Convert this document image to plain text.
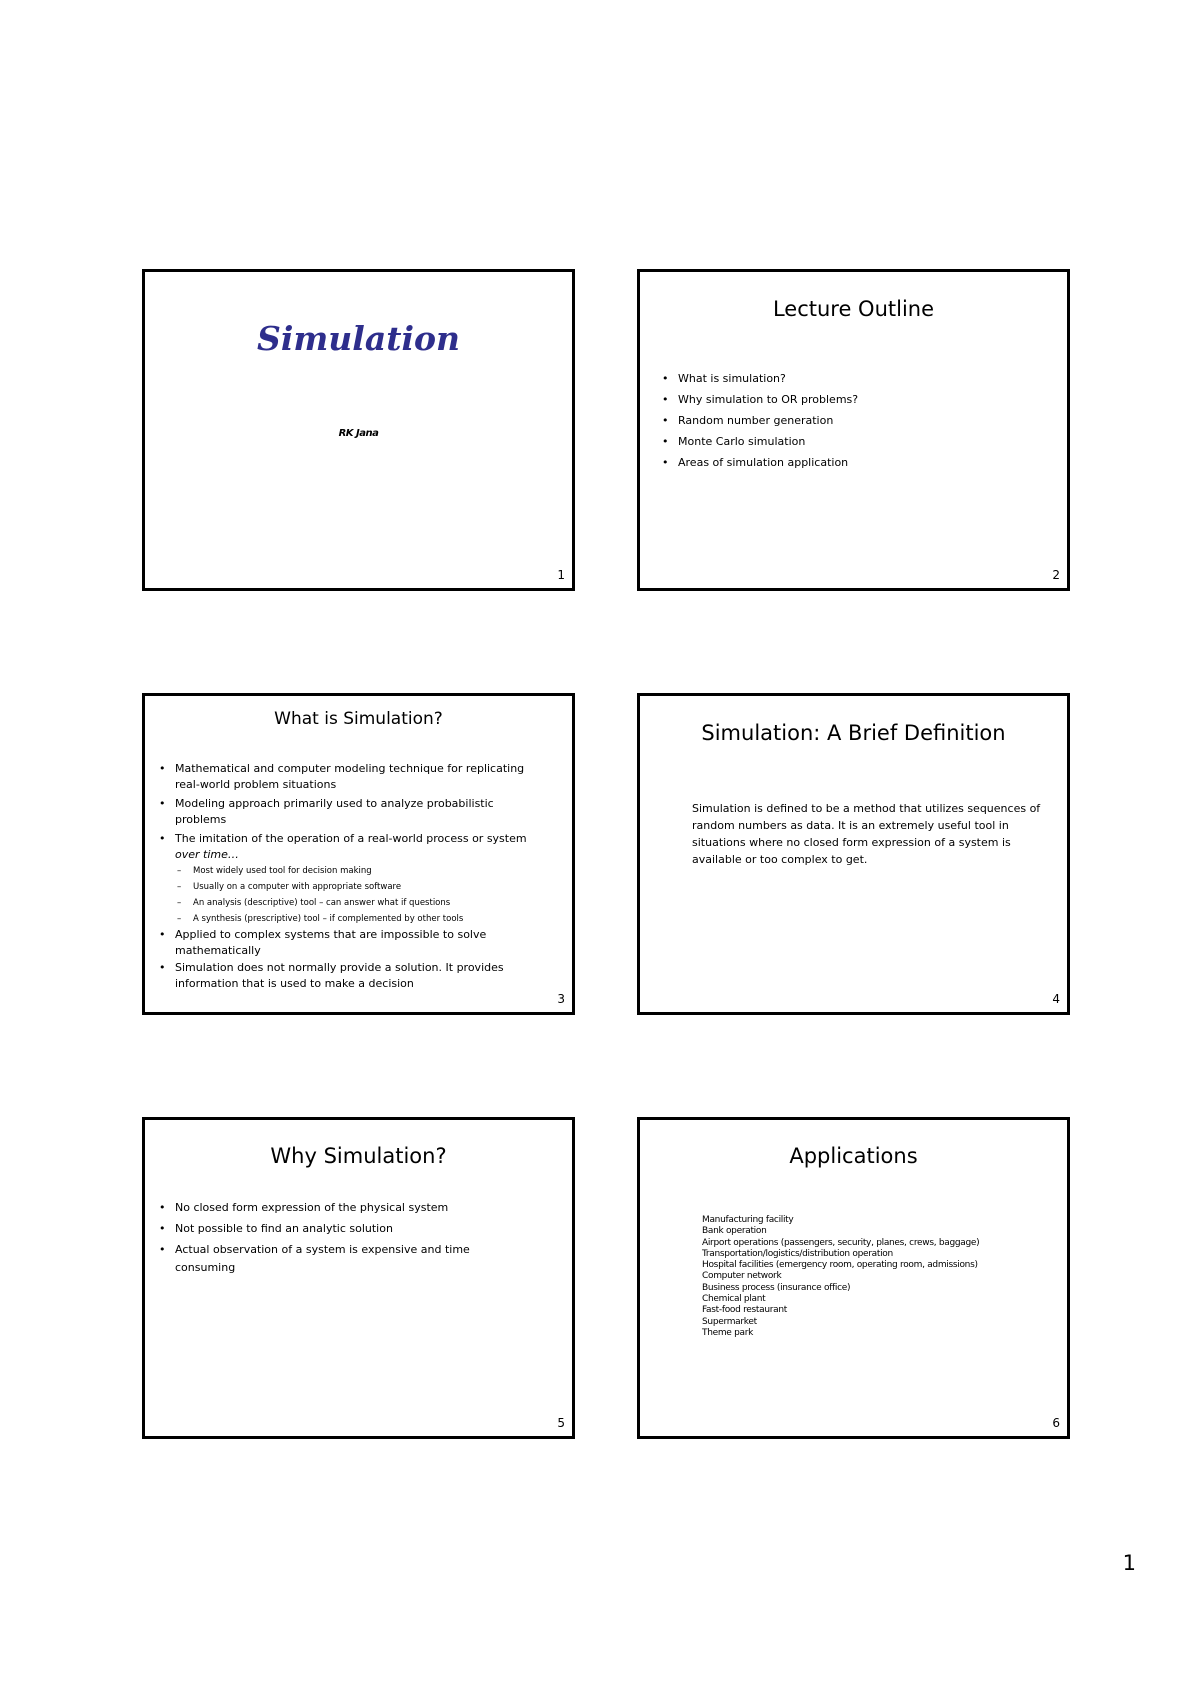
Simulation
RK Jana
1
Lecture Outline
• What is simulation?
• Why simulation to OR problems?
• Random number generation
• Monte Carlo simulation
• Areas of simulation application
2
What is Simulation?
• Mathematical and computer modeling technique for replicating real-world problem situations
• Modeling approach primarily used to analyze probabilistic problems
• The imitation of the operation of a real-world process or system over time…
– Most widely used tool for decision making
– Usually on a computer with appropriate software
– An analysis (descriptive) tool – can answer what if questions
– A synthesis (prescriptive) tool – if complemented by other tools
• Applied to complex systems that are impossible to solve mathematically
• Simulation does not normally provide a solution. It provides information that is used to make a decision
3
Simulation: A Brief Definition
Simulation is defined to be a method that utilizes sequences of random numbers as data. It is an extremely useful tool in situations where no closed form expression of a system is available or too complex to get.
4
Why Simulation?
• No closed form expression of the physical system
• Not possible to find an analytic solution
• Actual observation of a system is expensive and time consuming
5
Applications
Manufacturing facility
Bank operation
Airport operations (passengers, security, planes, crews, baggage)
Transportation/logistics/distribution operation
Hospital facilities (emergency room, operating room, admissions)
Computer network
Business process (insurance office)
Chemical plant
Fast-food restaurant
Supermarket
Theme park
6
1
